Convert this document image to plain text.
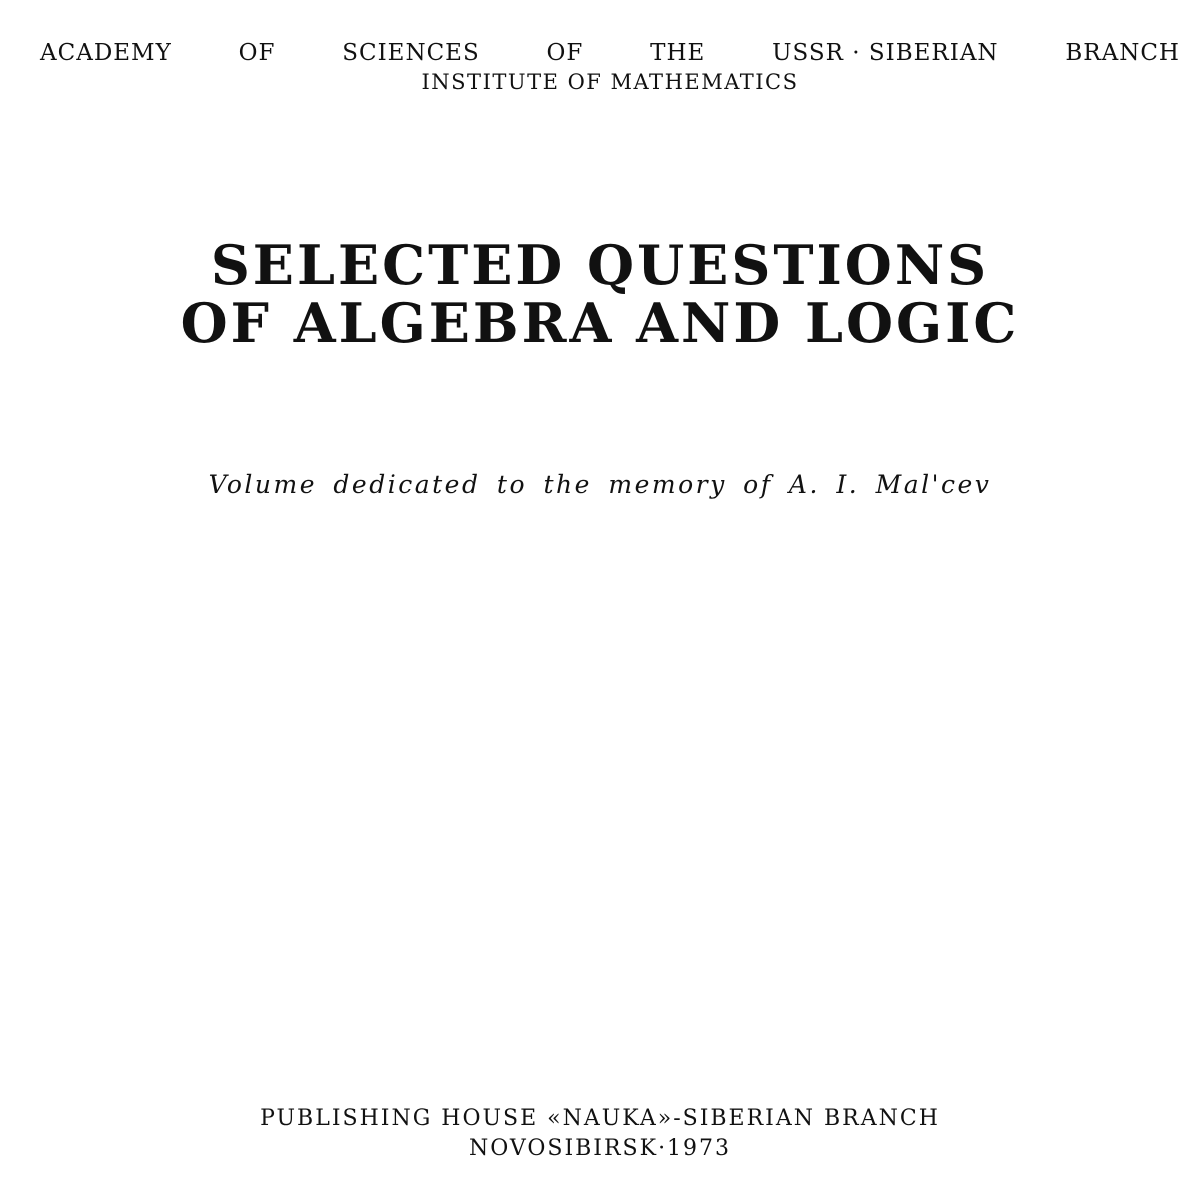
ACADEMY	OF	SCIENCES	OF	THE	USSR · SIBERIAN	BRANCH
INSTITUTE OF MATHEMATICS
SELECTED QUESTIONS
OF ALGEBRA AND LOGIC
Volume dedicated to the memory of A. I. Mal'cev
PUBLISHING HOUSE «NAUKA»-SIBERIAN BRANCH
NOVOSIBIRSK·1973
